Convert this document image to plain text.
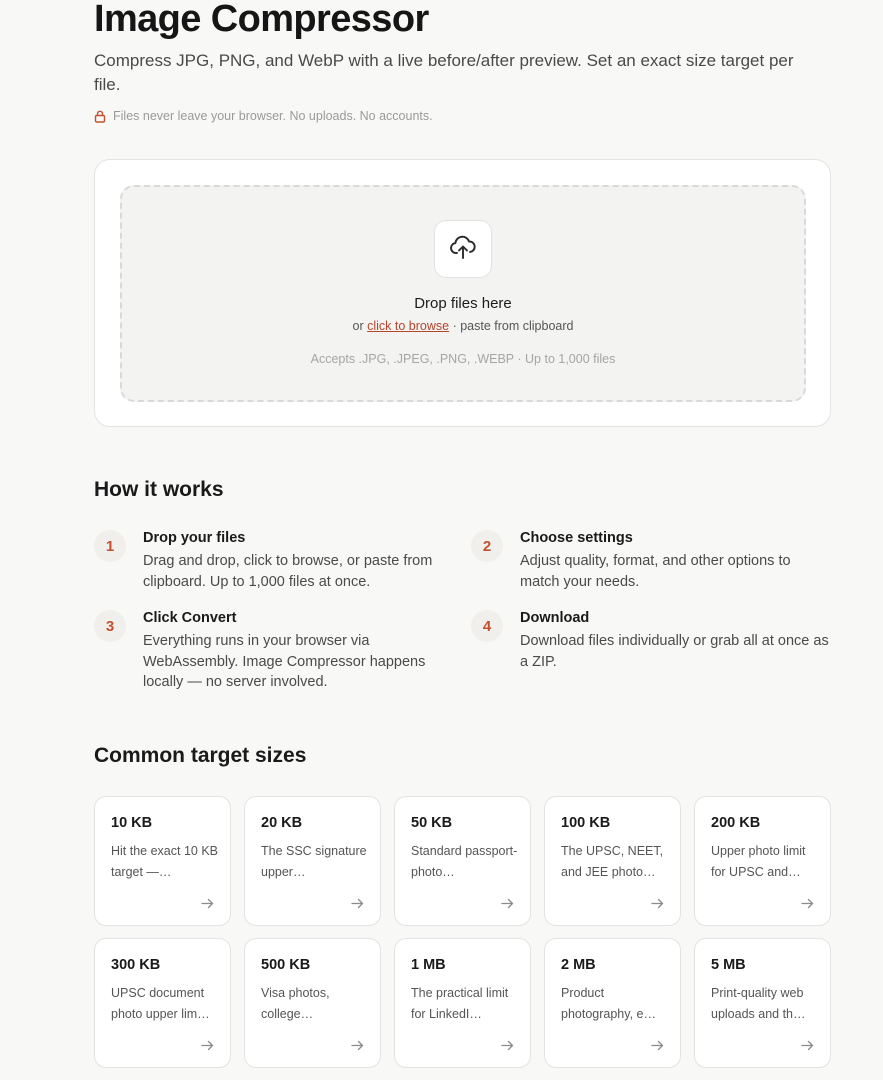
Image Compressor

Compress JPG, PNG, and WebP with a live before/after preview. Set an exact size target per file.

Files never leave your browser. No uploads. No accounts.
Drop files here
or click to browse · paste from clipboard
Accepts .JPG, .JPEG, .PNG, .WEBP · Up to 1,000 files
How it works
1	Drop your files
Drag and drop, click to browse, or paste from clipboard. Up to 1,000 files at once.
2	Choose settings
Adjust quality, format, and other options to match your needs.
3	Click Convert
Everything runs in your browser via WebAssembly. Image Compressor happens locally — no server involved.
4	Download
Download files individually or grab all at once as a ZIP.
Common target sizes
10 KB
Hit the exact 10 KB target —…
20 KB
The SSC signature upper…
50 KB
Standard passport-photo…
100 KB
The UPSC, NEET, and JEE photo…
200 KB
Upper photo limit for UPSC and…
300 KB
UPSC document photo upper lim…
500 KB
Visa photos, college…
1 MB
The practical limit for LinkedI…
2 MB
Product photography, e…
5 MB
Print-quality web uploads and th…
